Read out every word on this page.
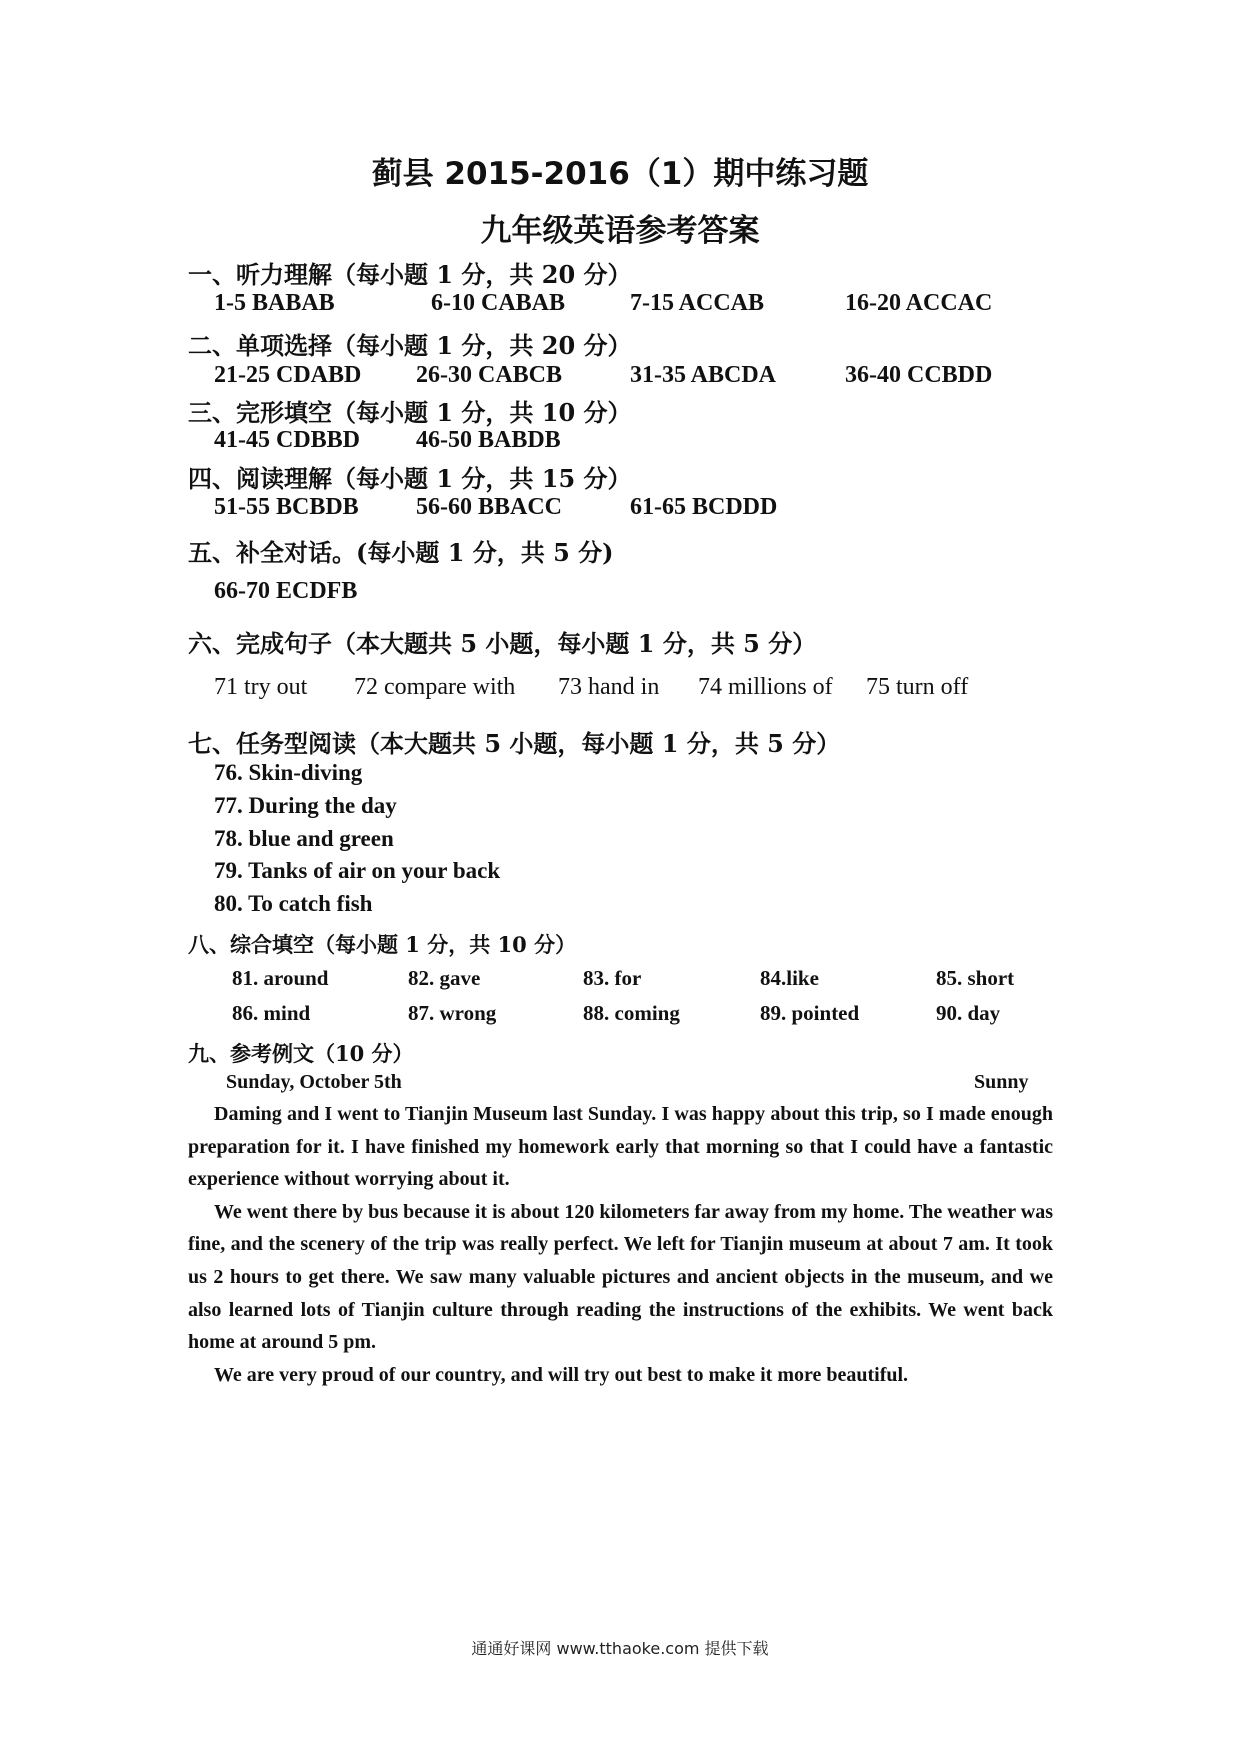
蓟县 2015-2016（1）期中练习题
九年级英语参考答案
一、听力理解（每小题 1 分，共 20 分）
1-5 BABAB	6-10 CABAB	7-15 ACCAB	16-20 ACCAC
二、单项选择（每小题 1 分，共 20 分）
21-25 CDABD 26-30 CABCB	31-35 ABCDA	36-40 CCBDD
三、完形填空（每小题 1 分，共 10 分）
41-45 CDBBD 46-50 BABDB
四、阅读理解（每小题 1 分，共 15 分）
51-55 BCBDB 56-60 BBACC	61-65 BCDDD
五、补全对话。(每小题 1 分，共 5 分)
66-70 ECDFB
六、完成句子（本大题共 5 小题，每小题 1 分，共 5 分）
71 try out 72 compare with 73 hand in 74 millions of 75 turn off
七、任务型阅读（本大题共 5 小题，每小题 1 分，共 5 分）
76. Skin-diving
77. During the day
78. blue and green
79. Tanks of air on your back
80. To catch fish
八、综合填空（每小题 1 分，共 10 分）
81. around	82. gave	83. for	84.like	85. short
86. mind	87. wrong	88. coming	89. pointed	90. day
九、参考例文（10 分）
Sunday, October 5th	Sunny

Daming and I went to Tianjin Museum last Sunday. I was happy about this trip, so I made enough preparation for it. I have finished my homework early that morning so that I could have a fantastic experience without worrying about it.

We went there by bus because it is about 120 kilometers far away from my home. The weather was fine, and the scenery of the trip was really perfect. We left for Tianjin museum at about 7 am. It took us 2 hours to get there. We saw many valuable pictures and ancient objects in the museum, and we also learned lots of Tianjin culture through reading the instructions of the exhibits. We went back home at around 5 pm.

We are very proud of our country, and will try out best to make it more beautiful.

通通好课网 www.tthaoke.com 提供下载
